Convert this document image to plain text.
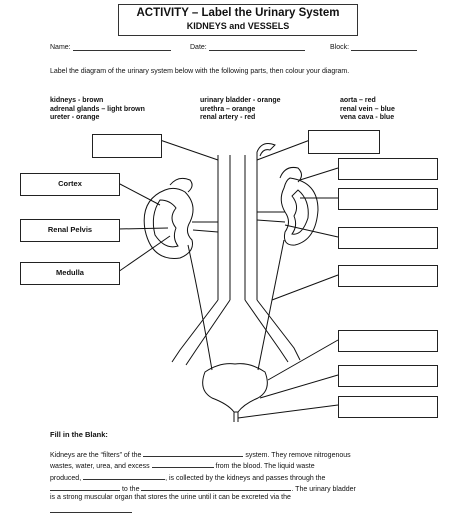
ACTIVITY – Label the Urinary System
KIDNEYS and VESSELS
Name:	Date:	Block:
Label the diagram of the urinary system below with the following parts, then colour your diagram.
kidneys - brown
adrenal glands – light brown
ureter - orange
urinary bladder - orange
urethra – orange
renal artery - red
aorta – red
renal vein – blue
vena cava - blue
Cortex
Renal Pelvis
Medulla
Fill in the Blank:
Kidneys are the “filters” of the	system. They remove nitrogenous
wastes, water, urea, and excess	from the blood. The liquid waste
produced,	, is collected by the kidneys and passes through the
to the	. The urinary bladder
is a strong muscular organ that stores the urine until it can be excreted via the
